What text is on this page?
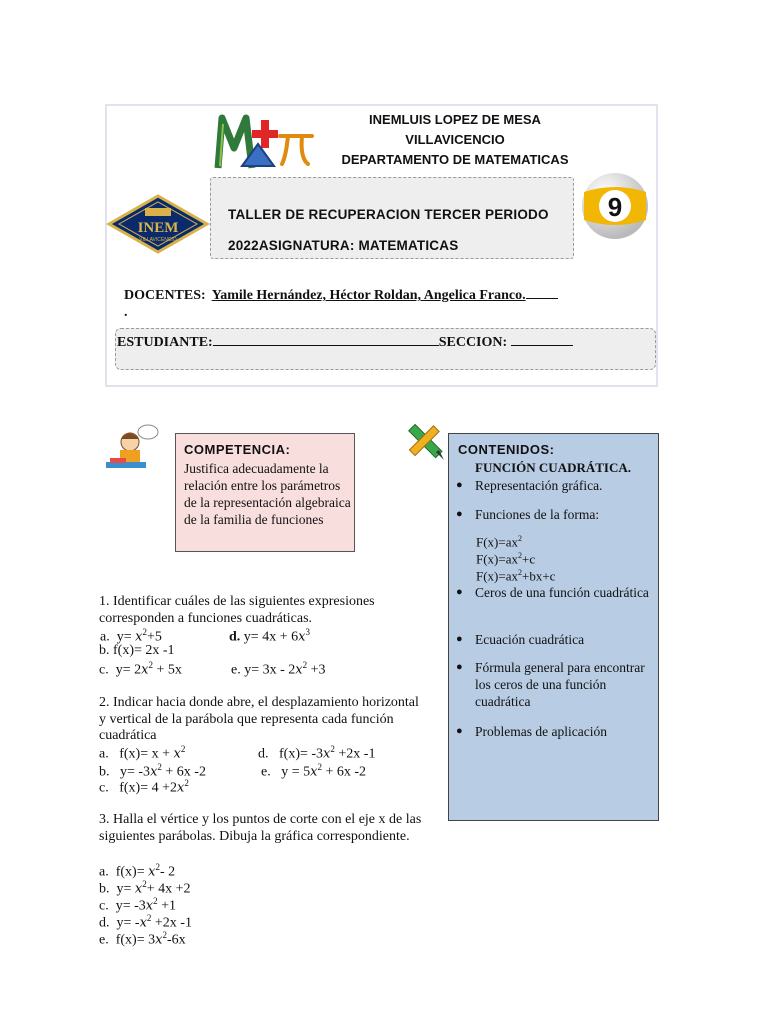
INEMLUIS LOPEZ DE MESA
VILLAVICENCIO
DEPARTAMENTO DE MATEMATICAS
INEM
VILLAVICENCIO
TALLER DE RECUPERACION TERCER PERIODO
2022ASIGNATURA: MATEMATICAS
9
DOCENTES: Yamile Hernández, Héctor Roldan, Angelica Franco.
.
ESTUDIANTE:	SECCION:
COMPETENCIA:
Justifica adecuadamente la relación entre los parámetros de la representación algebraica de la familia de funciones
CONTENIDOS:
FUNCIÓN CUADRÁTICA.
● Representación gráfica.
● Funciones de la forma:
$F(x)=ax^2$
$F(x)=ax^2+c$
$F(x)=ax^2+bx+c$
● Ceros de una función cuadrática
● Ecuación cuadrática
● Fórmula general para encontrar los ceros de una función cuadrática
● Problemas de aplicación
1. Identificar cuáles de las siguientes expresiones
corresponden a funciones cuadráticas.
a.  $y= x^2+5$	d. $y= 4x + 6x^3$
b. f(x)= 2x -1
c.  $y= 2x^2 + 5x$	e. $y= 3x - 2x^2 +3$
2. Indicar hacia donde abre, el desplazamiento horizontal
y vertical de la parábola que representa cada función
cuadrática
a.   $f(x)= x + x^2$	d.   $f(x)= -3x^2 +2x$ -1
b.   $y= -3x^2 + 6x$ -2	e.   $y = 5x^2 + 6x$ -2
c.   $f(x)= 4 +2x^2$
3. Halla el vértice y los puntos de corte con el eje x de las
siguientes parábolas. Dibuja la gráfica correspondiente.
a.  $f(x)= x^2-$ 2
b.  $y= x^2+ 4x +2$
c.  $y= -3x^2 +1$
d.  $y= -x^2 +2x$ -1
e.  $f(x)= 3x^2-6x$
